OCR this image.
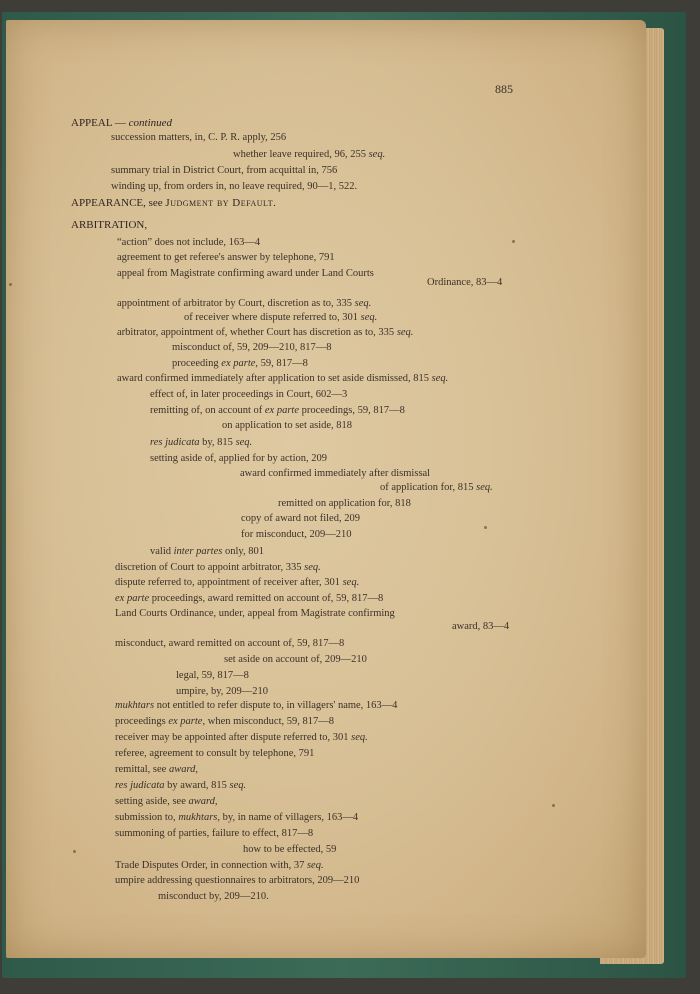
885
APPEAL — continued
succession matters, in, C. P. R. apply, 256
whether leave required, 96, 255 seq.
summary trial in District Court, from acquittal in, 756
winding up, from orders in, no leave required, 90—1, 522.
APPEARANCE, see Judgment by Default.
ARBITRATION,
“action” does not include, 163—4
agreement to get referee's answer by telephone, 791
appeal from Magistrate confirming award under Land Courts
Ordinance, 83—4
appointment of arbitrator by Court, discretion as to, 335 seq.
of receiver where dispute referred to, 301 seq.
arbitrator, appointment of, whether Court has discretion as to, 335 seq.
misconduct of, 59, 209—210, 817—8
proceeding ex parte, 59, 817—8
award confirmed immediately after application to set aside dismissed, 815 seq.
effect of, in later proceedings in Court, 602—3
remitting of, on account of ex parte proceedings, 59, 817—8
on application to set aside, 818
res judicata by, 815 seq.
setting aside of, applied for by action, 209
award confirmed immediately after dismissal
of application for, 815 seq.
remitted on application for, 818
copy of award not filed, 209
for misconduct, 209—210
valid inter partes only, 801
discretion of Court to appoint arbitrator, 335 seq.
dispute referred to, appointment of receiver after, 301 seq.
ex parte proceedings, award remitted on account of, 59, 817—8
Land Courts Ordinance, under, appeal from Magistrate confirming
award, 83—4
misconduct, award remitted on account of, 59, 817—8
set aside on account of, 209—210
legal, 59, 817—8
umpire, by, 209—210
mukhtars not entitled to refer dispute to, in villagers' name, 163—4
proceedings ex parte, when misconduct, 59, 817—8
receiver may be appointed after dispute referred to, 301 seq.
referee, agreement to consult by telephone, 791
remittal, see award,
res judicata by award, 815 seq.
setting aside, see award,
submission to, mukhtars, by, in name of villagers, 163—4
summoning of parties, failure to effect, 817—8
how to be effected, 59
Trade Disputes Order, in connection with, 37 seq.
umpire addressing questionnaires to arbitrators, 209—210
misconduct by, 209—210.
